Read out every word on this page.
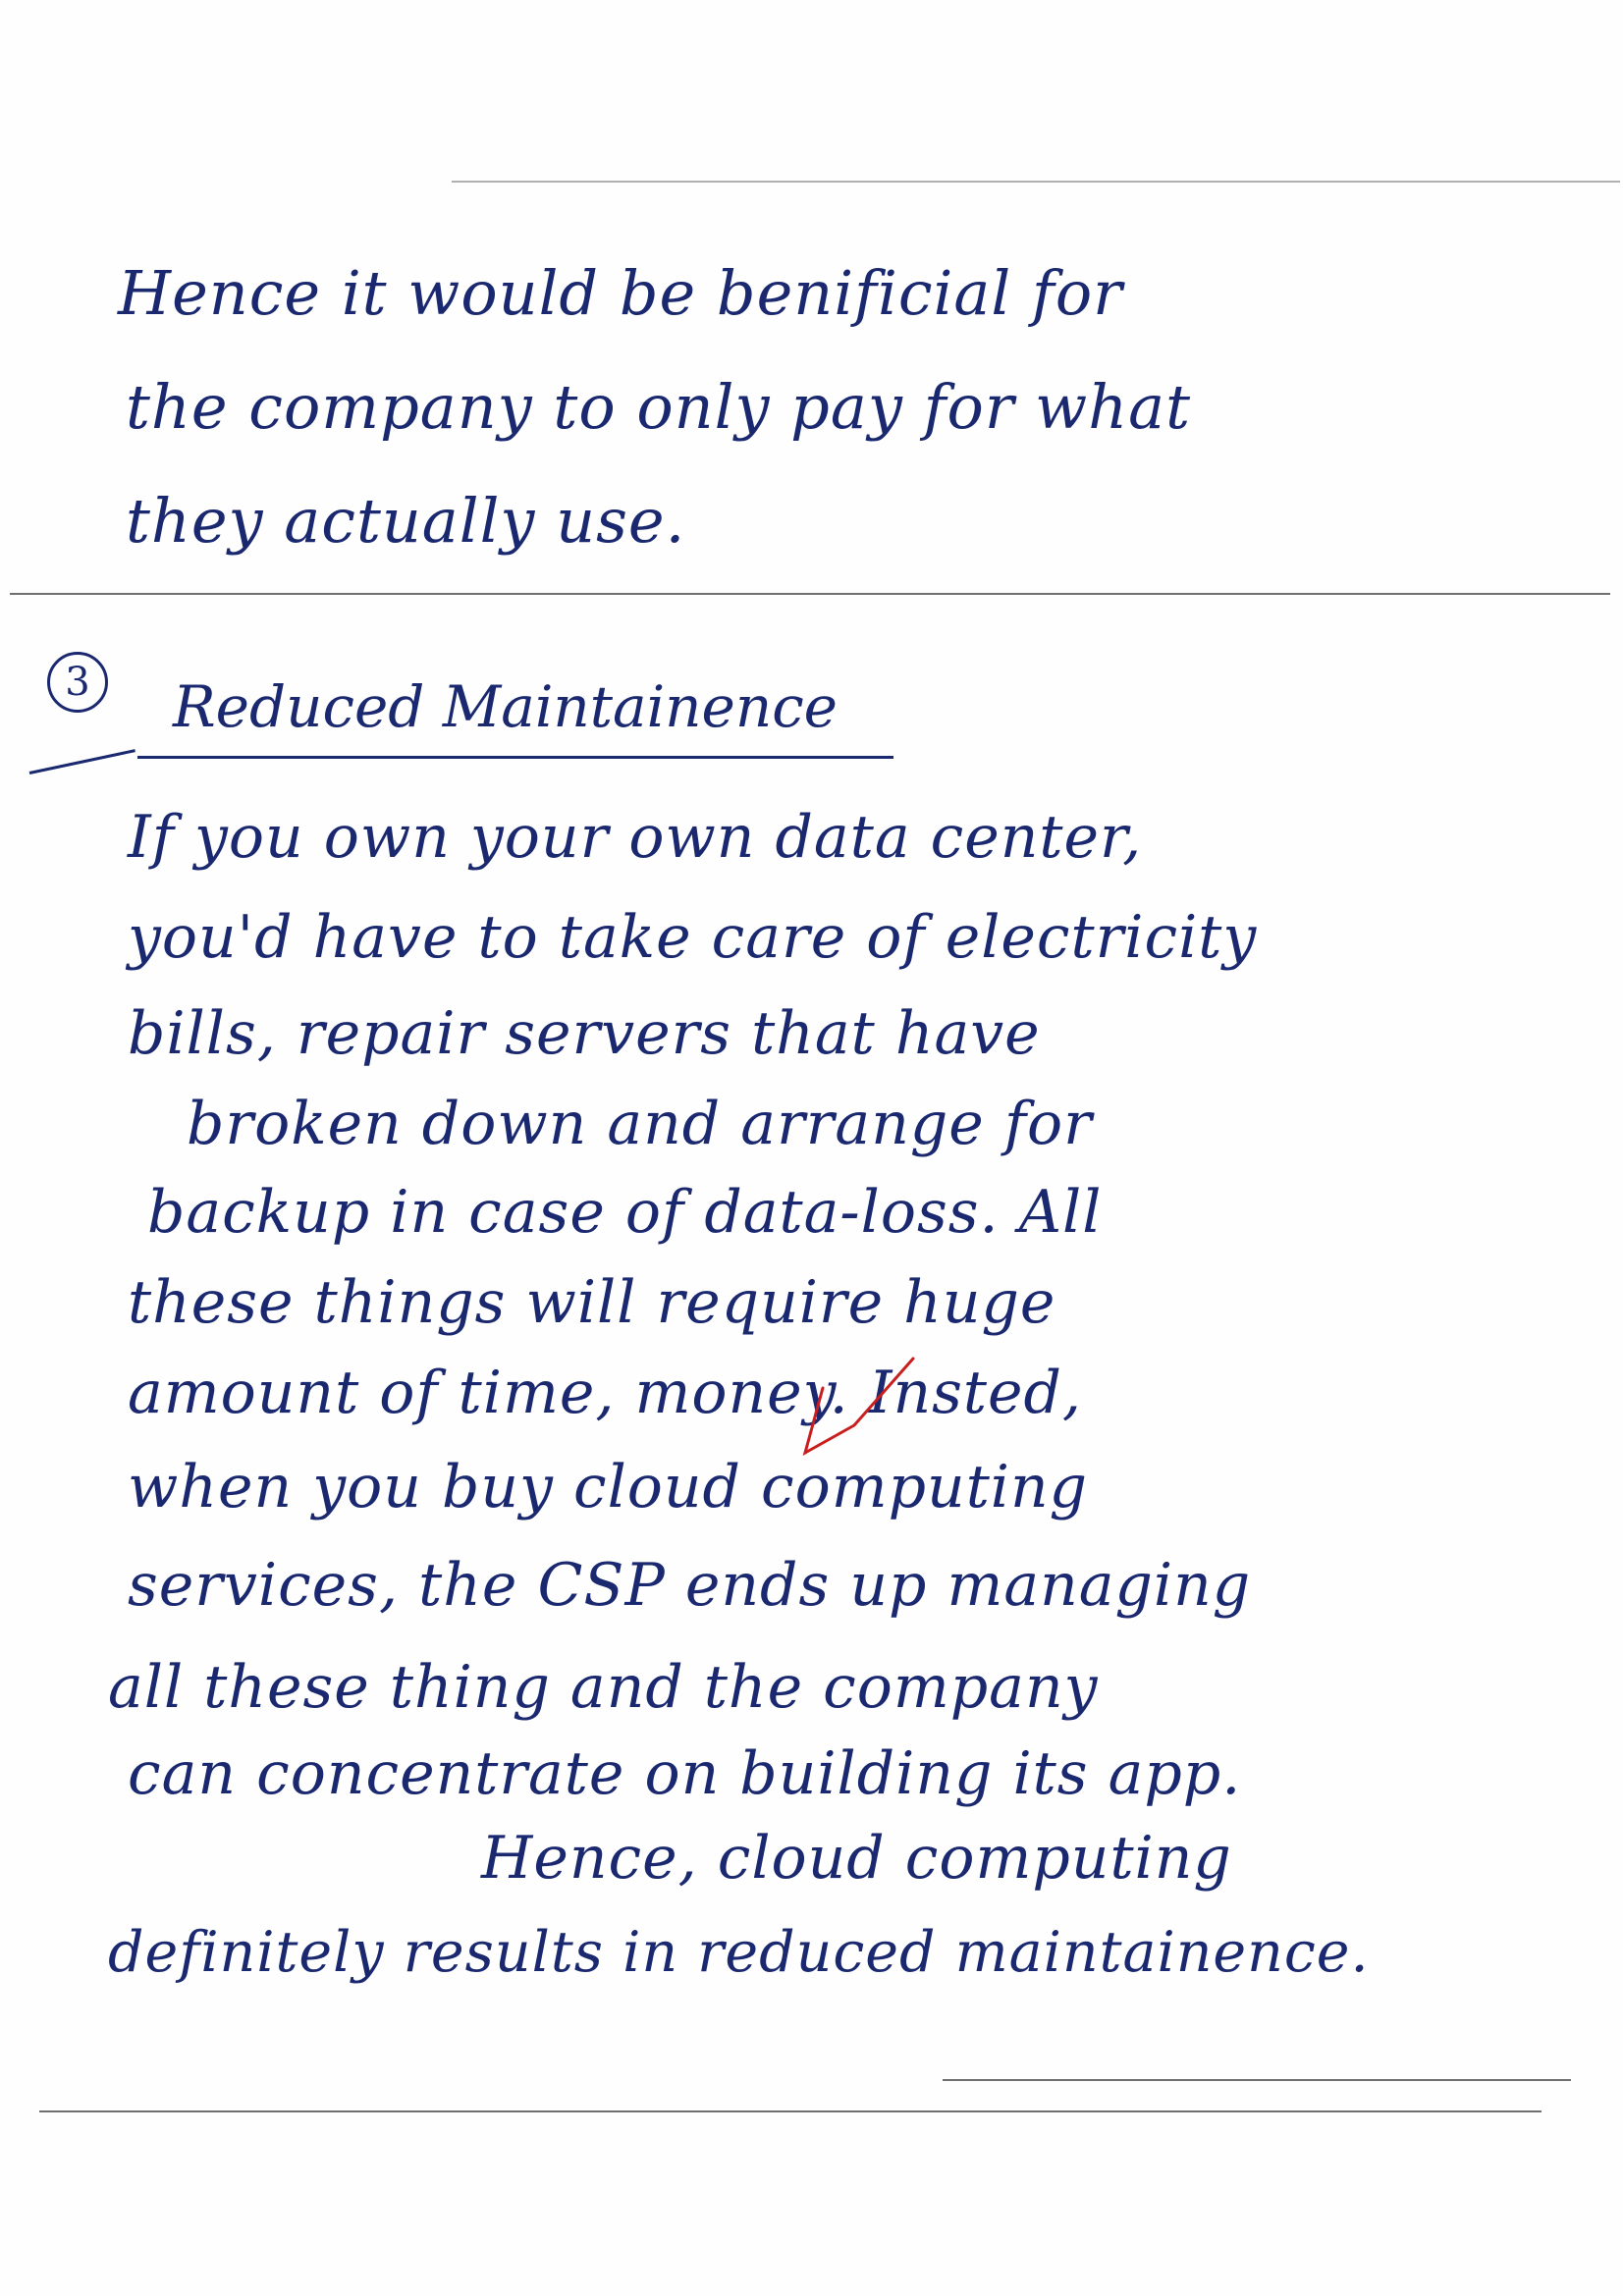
Hence it would be benificial for
the company to only pay for what
they actually use.
3	Reduced Maintainence
If you own your own data center,
you'd have to take care of electricity
bills, repair servers that have
broken down and arrange for
backup in case of data-loss. All
these things will require huge
amount of time, money. Insted,
when you buy cloud computing
services, the CSP ends up managing
all these thing and the company
can concentrate on building its app.
Hence, cloud computing
definitely results in reduced maintainence.
